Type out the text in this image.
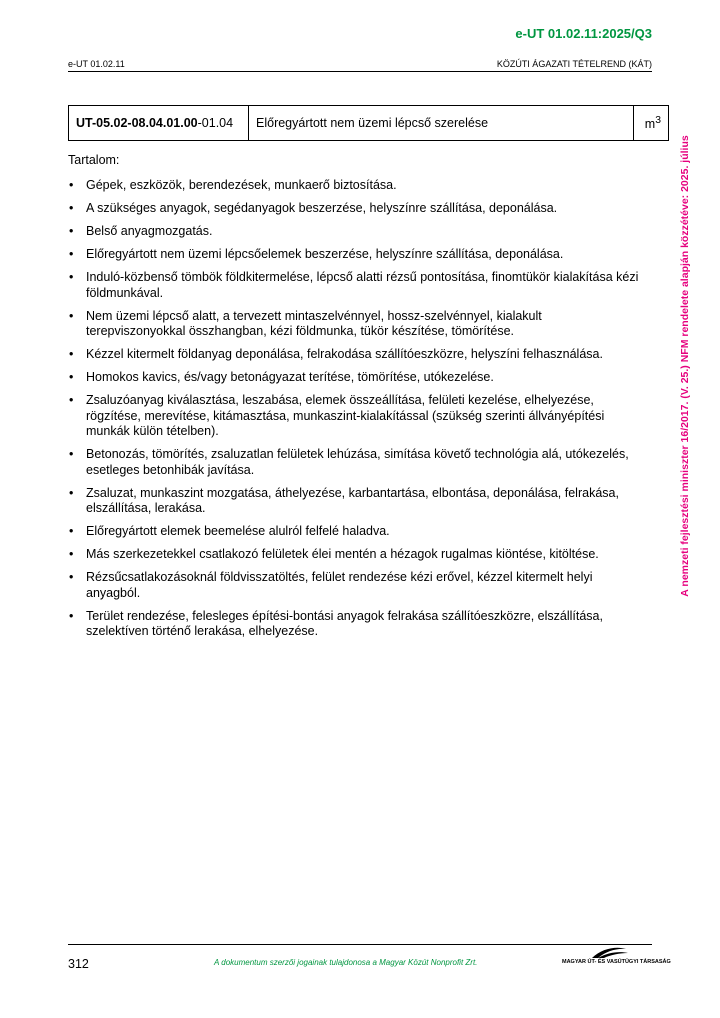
e-UT 01.02.11:2025/Q3
e-UT 01.02.11	KÖZÚTI ÁGAZATI TÉTELREND (KÁT)
A nemzeti fejlesztési miniszter 16/2017. (V. 25.) NFM rendelete alapján közzétéve: 2025. július
UT-05.02-08.04.01.00-01.04	Előregyártott nem üzemi lépcső szerelése	$m^3$
Tartalom:
• Gépek, eszközök, berendezések, munkaerő biztosítása.
• A szükséges anyagok, segédanyagok beszerzése, helyszínre szállítása, deponálása.
• Belső anyagmozgatás.
• Előregyártott nem üzemi lépcsőelemek beszerzése, helyszínre szállítása, deponálása.
• Induló-közbenső tömbök földkitermelése, lépcső alatti rézsű pontosítása, finomtükör kialakítása kézi földmunkával.
• Nem üzemi lépcső alatt, a tervezett mintaszelvénnyel, hossz-szelvénnyel, kialakult terepviszonyokkal összhangban, kézi földmunka, tükör készítése, tömörítése.
• Kézzel kitermelt földanyag deponálása, felrakodása szállítóeszközre, helyszíni felhasználása.
• Homokos kavics, és/vagy betonágyazat terítése, tömörítése, utókezelése.
• Zsaluzóanyag kiválasztása, leszabása, elemek összeállítása, felületi kezelése, elhelyezése, rögzítése, merevítése, kitámasztása, munkaszint-kialakítással (szükség szerinti állványépítési munkák külön tételben).
• Betonozás, tömörítés, zsaluzatlan felületek lehúzása, simítása követő technológia alá, utókezelés, esetleges betonhibák javítása.
• Zsaluzat, munkaszint mozgatása, áthelyezése, karbantartása, elbontása, deponálása, felrakása, elszállítása, lerakása.
• Előregyártott elemek beemelése alulról felfelé haladva.
• Más szerkezetekkel csatlakozó felületek élei mentén a hézagok rugalmas kiöntése, kitöltése.
• Rézsűcsatlakozásoknál földvisszatöltés, felület rendezése kézi erővel, kézzel kitermelt helyi anyagból.
• Terület rendezése, felesleges építési-bontási anyagok felrakása szállítóeszközre, elszállítása, szelektíven történő lerakása, elhelyezése.
312	A dokumentum szerzői jogainak tulajdonosa a Magyar Közút Nonprofit Zrt.	MAGYAR ÚT- ÉS VASÚTÜGYI TÁRSASÁG
